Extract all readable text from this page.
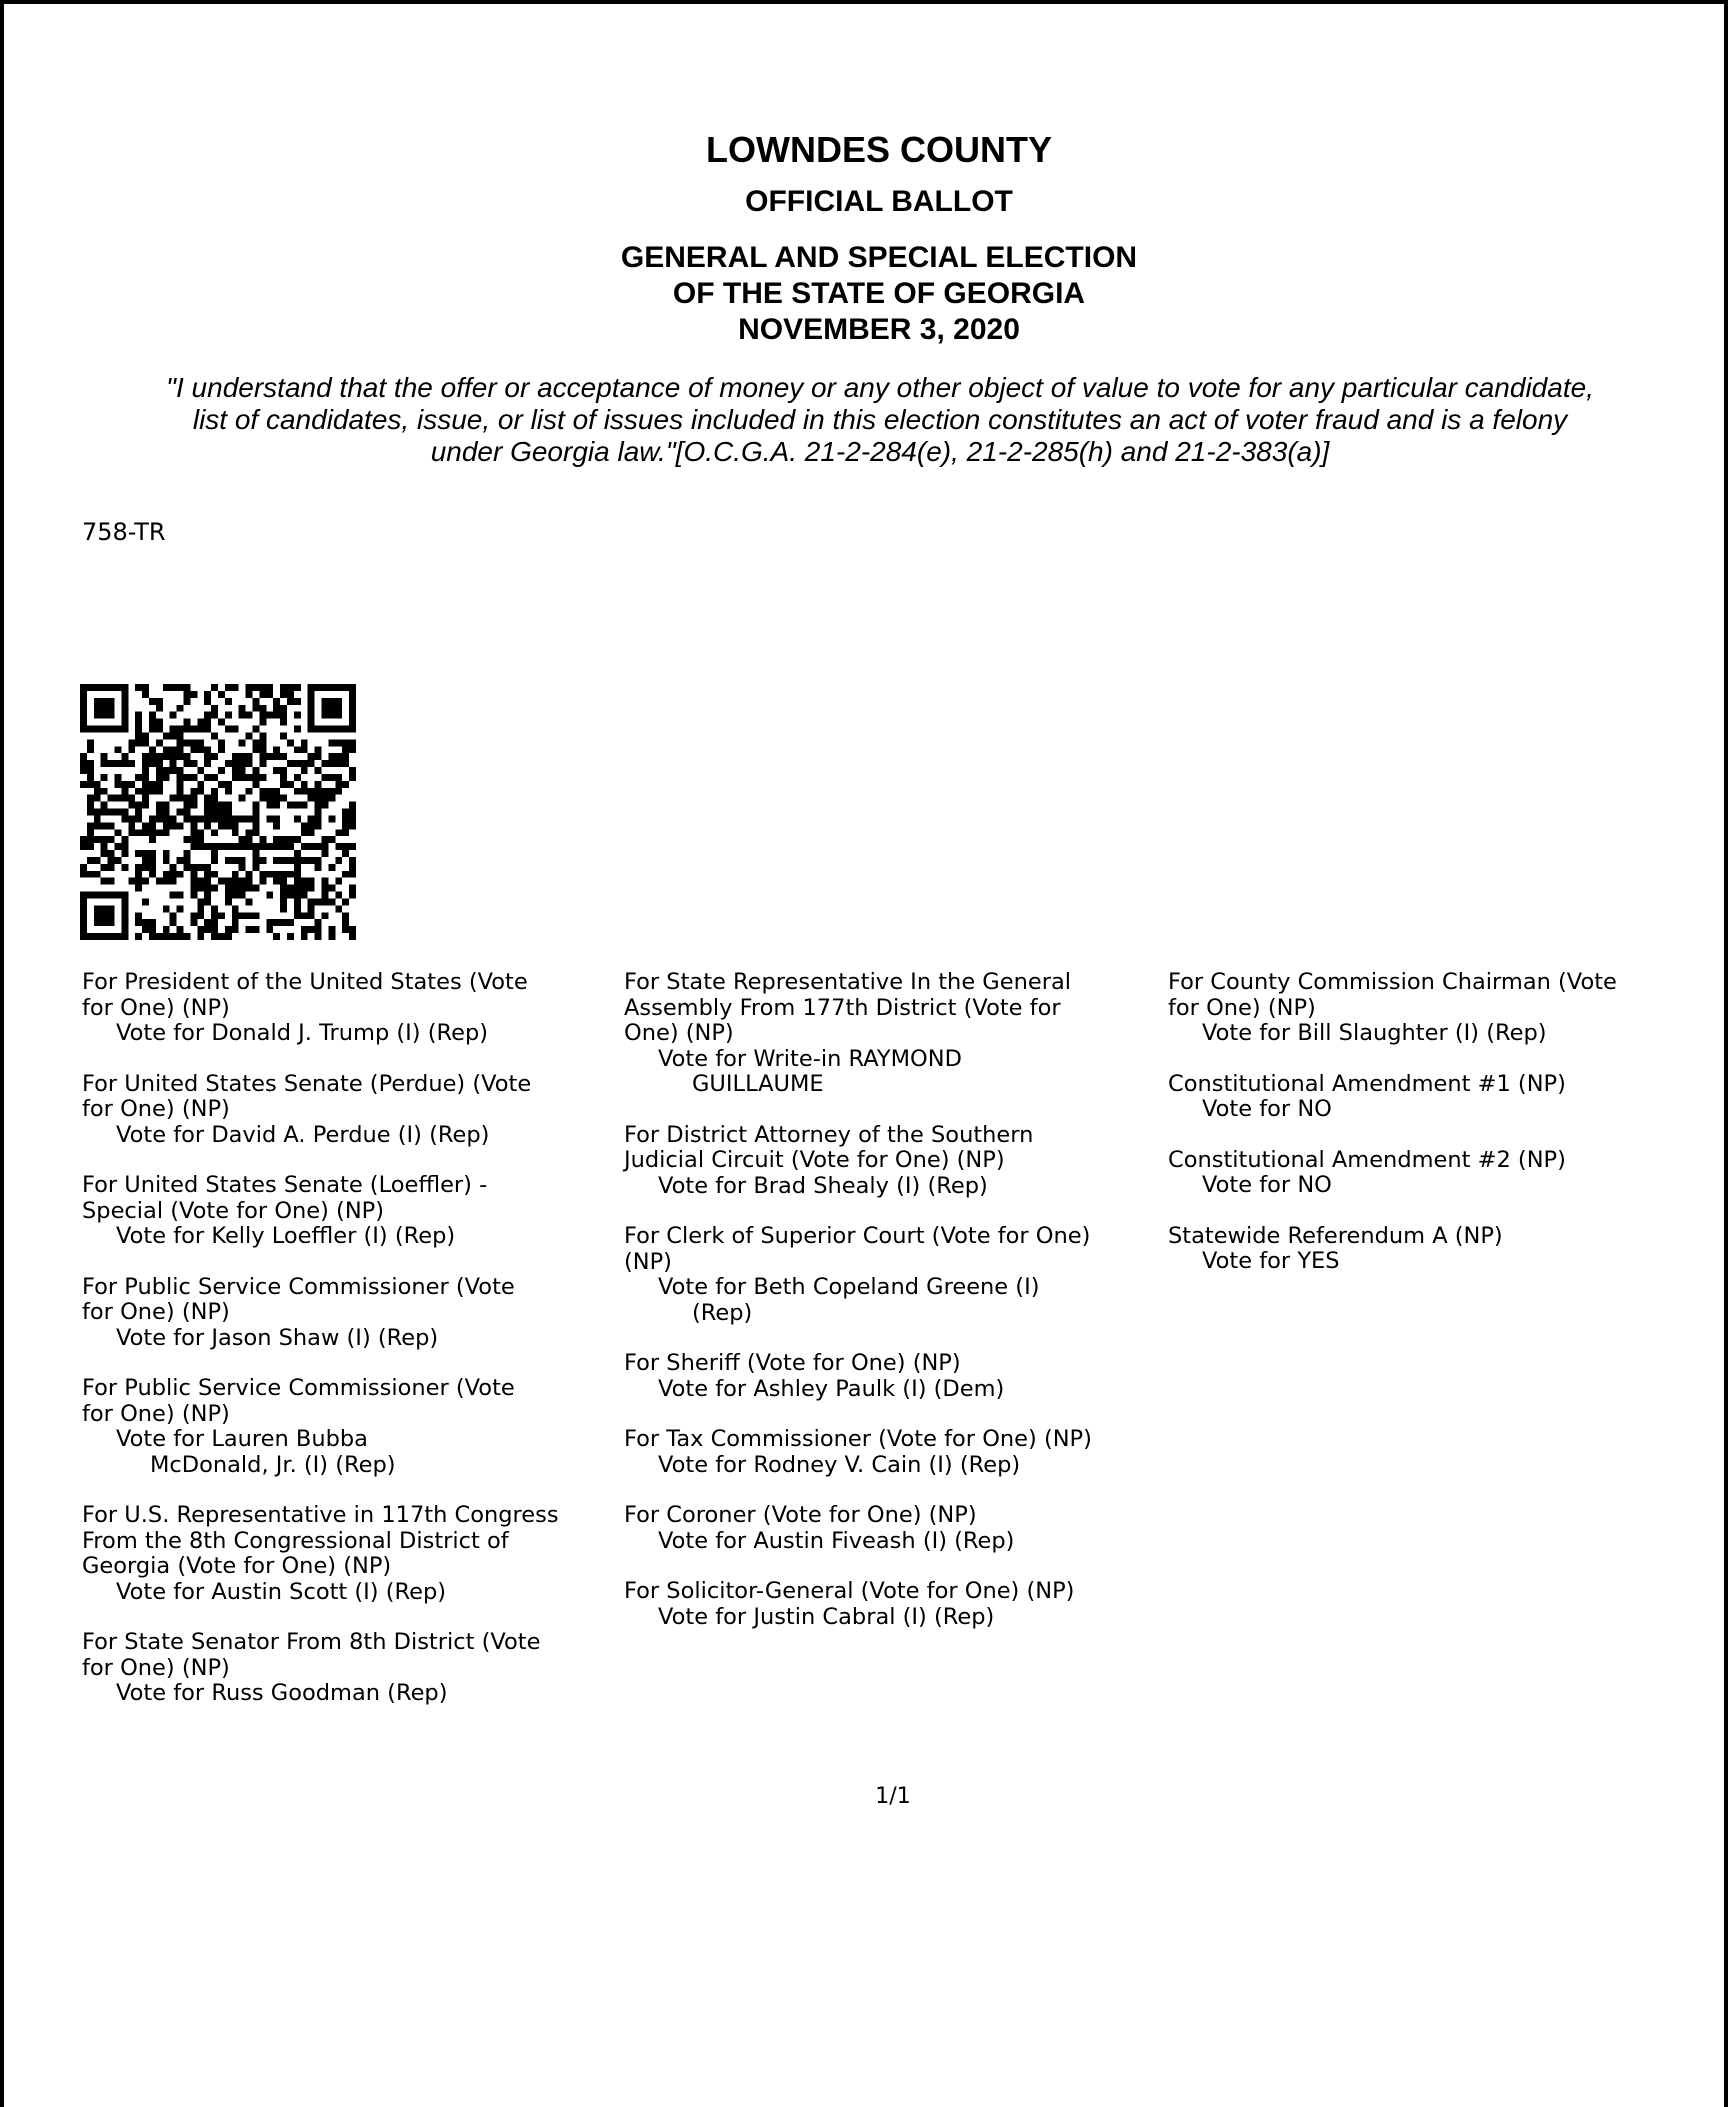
LOWNDES COUNTY
OFFICIAL BALLOT
GENERAL AND SPECIAL ELECTION
OF THE STATE OF GEORGIA
NOVEMBER 3, 2020
"I understand that the offer or acceptance of money or any other object of value to vote for any particular candidate,
list of candidates, issue, or list of issues included in this election constitutes an act of voter fraud and is a felony
under Georgia law."[O.C.G.A. 21-2-284(e), 21-2-285(h) and 21-2-383(a)]
758-TR
For President of the United States (Vote
for One) (NP)
Vote for Donald J. Trump (I) (Rep)
For United States Senate (Perdue) (Vote
for One) (NP)
Vote for David A. Perdue (I) (Rep)
For United States Senate (Loeffler) -
Special (Vote for One) (NP)
Vote for Kelly Loeffler (I) (Rep)
For Public Service Commissioner (Vote
for One) (NP)
Vote for Jason Shaw (I) (Rep)
For Public Service Commissioner (Vote
for One) (NP)
Vote for Lauren Bubba
McDonald, Jr. (I) (Rep)
For U.S. Representative in 117th Congress
From the 8th Congressional District of
Georgia (Vote for One) (NP)
Vote for Austin Scott (I) (Rep)
For State Senator From 8th District (Vote
for One) (NP)
Vote for Russ Goodman (Rep)
For State Representative In the General
Assembly From 177th District (Vote for
One) (NP)
Vote for Write-in RAYMOND
GUILLAUME
For District Attorney of the Southern
Judicial Circuit (Vote for One) (NP)
Vote for Brad Shealy (I) (Rep)
For Clerk of Superior Court (Vote for One)
(NP)
Vote for Beth Copeland Greene (I)
(Rep)
For Sheriff (Vote for One) (NP)
Vote for Ashley Paulk (I) (Dem)
For Tax Commissioner (Vote for One) (NP)
Vote for Rodney V. Cain (I) (Rep)
For Coroner (Vote for One) (NP)
Vote for Austin Fiveash (I) (Rep)
For Solicitor-General (Vote for One) (NP)
Vote for Justin Cabral (I) (Rep)
For County Commission Chairman (Vote
for One) (NP)
Vote for Bill Slaughter (I) (Rep)
Constitutional Amendment #1 (NP)
Vote for NO
Constitutional Amendment #2 (NP)
Vote for NO
Statewide Referendum A (NP)
Vote for YES
1/1
